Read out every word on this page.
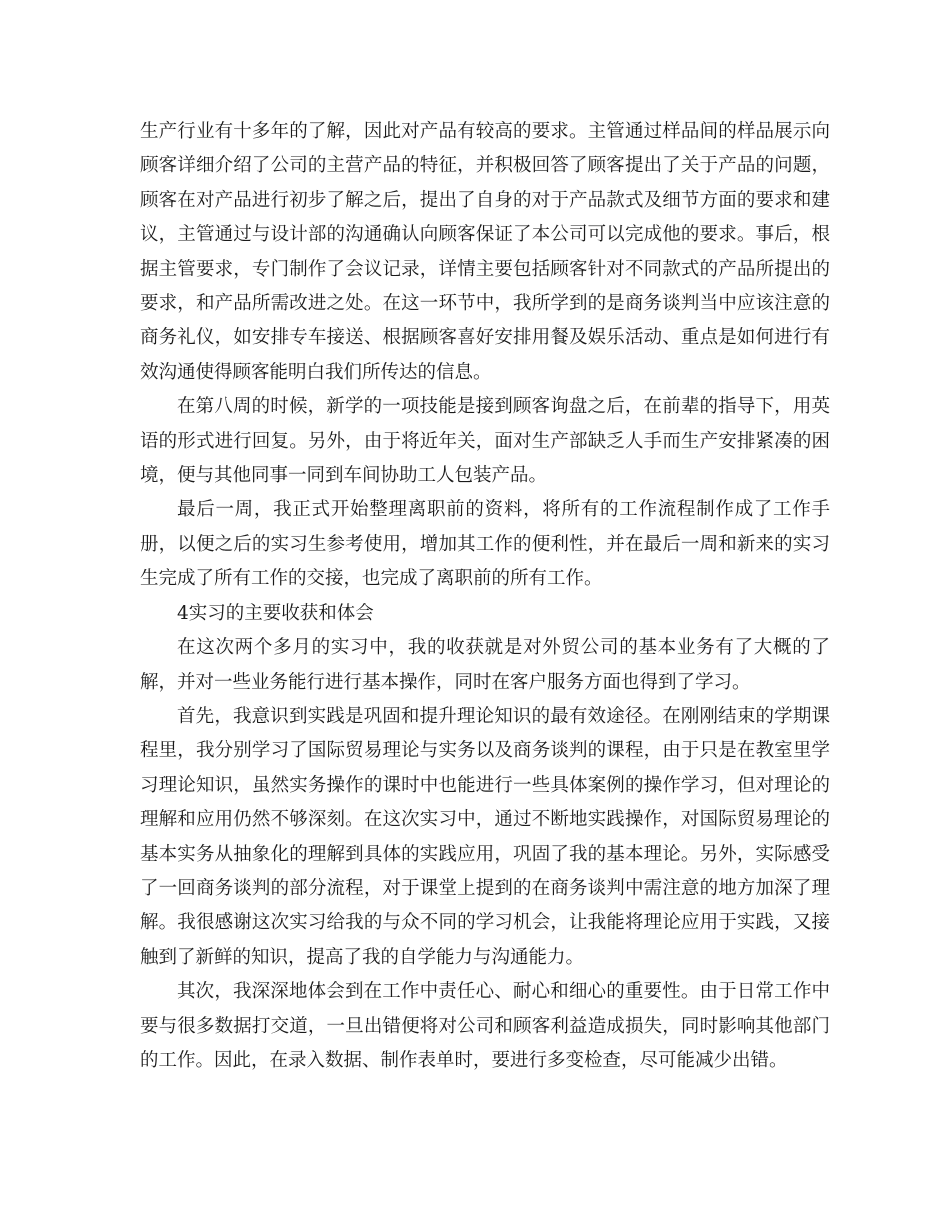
生产行业有十多年的了解，因此对产品有较高的要求。主管通过样品间的样品展示向顾客详细介绍了公司的主营产品的特征，并积极回答了顾客提出了关于产品的问题，顾客在对产品进行初步了解之后，提出了自身的对于产品款式及细节方面的要求和建议，主管通过与设计部的沟通确认向顾客保证了本公司可以完成他的要求。事后，根据主管要求，专门制作了会议记录，详情主要包括顾客针对不同款式的产品所提出的要求，和产品所需改进之处。在这一环节中，我所学到的是商务谈判当中应该注意的商务礼仪，如安排专车接送、根据顾客喜好安排用餐及娱乐活动、重点是如何进行有效沟通使得顾客能明白我们所传达的信息。

在第八周的时候，新学的一项技能是接到顾客询盘之后，在前辈的指导下，用英语的形式进行回复。另外，由于将近年关，面对生产部缺乏人手而生产安排紧凑的困境，便与其他同事一同到车间协助工人包装产品。

最后一周，我正式开始整理离职前的资料，将所有的工作流程制作成了工作手册，以便之后的实习生参考使用，增加其工作的便利性，并在最后一周和新来的实习生完成了所有工作的交接，也完成了离职前的所有工作。

4实习的主要收获和体会

在这次两个多月的实习中，我的收获就是对外贸公司的基本业务有了大概的了解，并对一些业务能行进行基本操作，同时在客户服务方面也得到了学习。

首先，我意识到实践是巩固和提升理论知识的最有效途径。在刚刚结束的学期课程里，我分别学习了国际贸易理论与实务以及商务谈判的课程，由于只是在教室里学习理论知识，虽然实务操作的课时中也能进行一些具体案例的操作学习，但对理论的理解和应用仍然不够深刻。在这次实习中，通过不断地实践操作，对国际贸易理论的基本实务从抽象化的理解到具体的实践应用，巩固了我的基本理论。另外，实际感受了一回商务谈判的部分流程，对于课堂上提到的在商务谈判中需注意的地方加深了理解。我很感谢这次实习给我的与众不同的学习机会，让我能将理论应用于实践，又接触到了新鲜的知识，提高了我的自学能力与沟通能力。

其次，我深深地体会到在工作中责任心、耐心和细心的重要性。由于日常工作中要与很多数据打交道，一旦出错便将对公司和顾客利益造成损失，同时影响其他部门的工作。因此，在录入数据、制作表单时，要进行多变检查，尽可能减少出错。
